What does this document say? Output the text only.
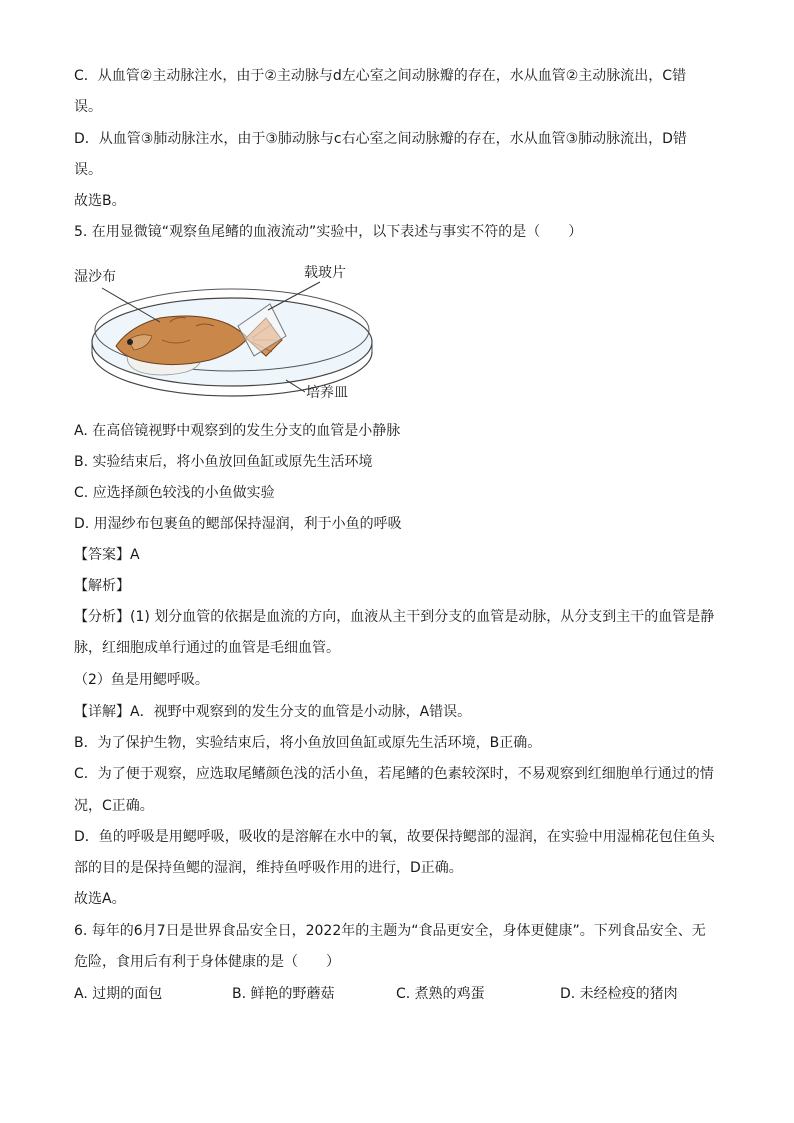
C．从血管②主动脉注水，由于②主动脉与d左心室之间动脉瓣的存在，水从血管②主动脉流出，C错
误。
D．从血管③肺动脉注水，由于③肺动脉与c右心室之间动脉瓣的存在，水从血管③肺动脉流出，D错
误。
故选B。
5. 在用显微镜“观察鱼尾鳍的血液流动”实验中，以下表述与事实不符的是（　　）
湿沙布	载玻片
培养皿
A. 在高倍镜视野中观察到的发生分支的血管是小静脉
B. 实验结束后，将小鱼放回鱼缸或原先生活环境
C. 应选择颜色较浅的小鱼做实验
D. 用湿纱布包裹鱼的鳃部保持湿润，利于小鱼的呼吸
【答案】A
【解析】
【分析】(1) 划分血管的依据是血流的方向，血液从主干到分支的血管是动脉，从分支到主干的血管是静
脉，红细胞成单行通过的血管是毛细血管。
（2）鱼是用鳃呼吸。
【详解】A．视野中观察到的发生分支的血管是小动脉，A错误。
B．为了保护生物，实验结束后，将小鱼放回鱼缸或原先生活环境，B正确。
C．为了便于观察，应选取尾鳍颜色浅的活小鱼，若尾鳍的色素较深时，不易观察到红细胞单行通过的情
况，C正确。
D．鱼的呼吸是用鳃呼吸，吸收的是溶解在水中的氧，故要保持鳃部的湿润，在实验中用湿棉花包住鱼头
部的目的是保持鱼鳃的湿润，维持鱼呼吸作用的进行，D正确。
故选A。
6. 每年的6月7日是世界食品安全日，2022年的主题为“食品更安全，身体更健康”。下列食品安全、无
危险，食用后有利于身体健康的是（　　）
A. 过期的面包	B. 鲜艳的野蘑菇	C. 煮熟的鸡蛋	D. 未经检疫的猪肉
